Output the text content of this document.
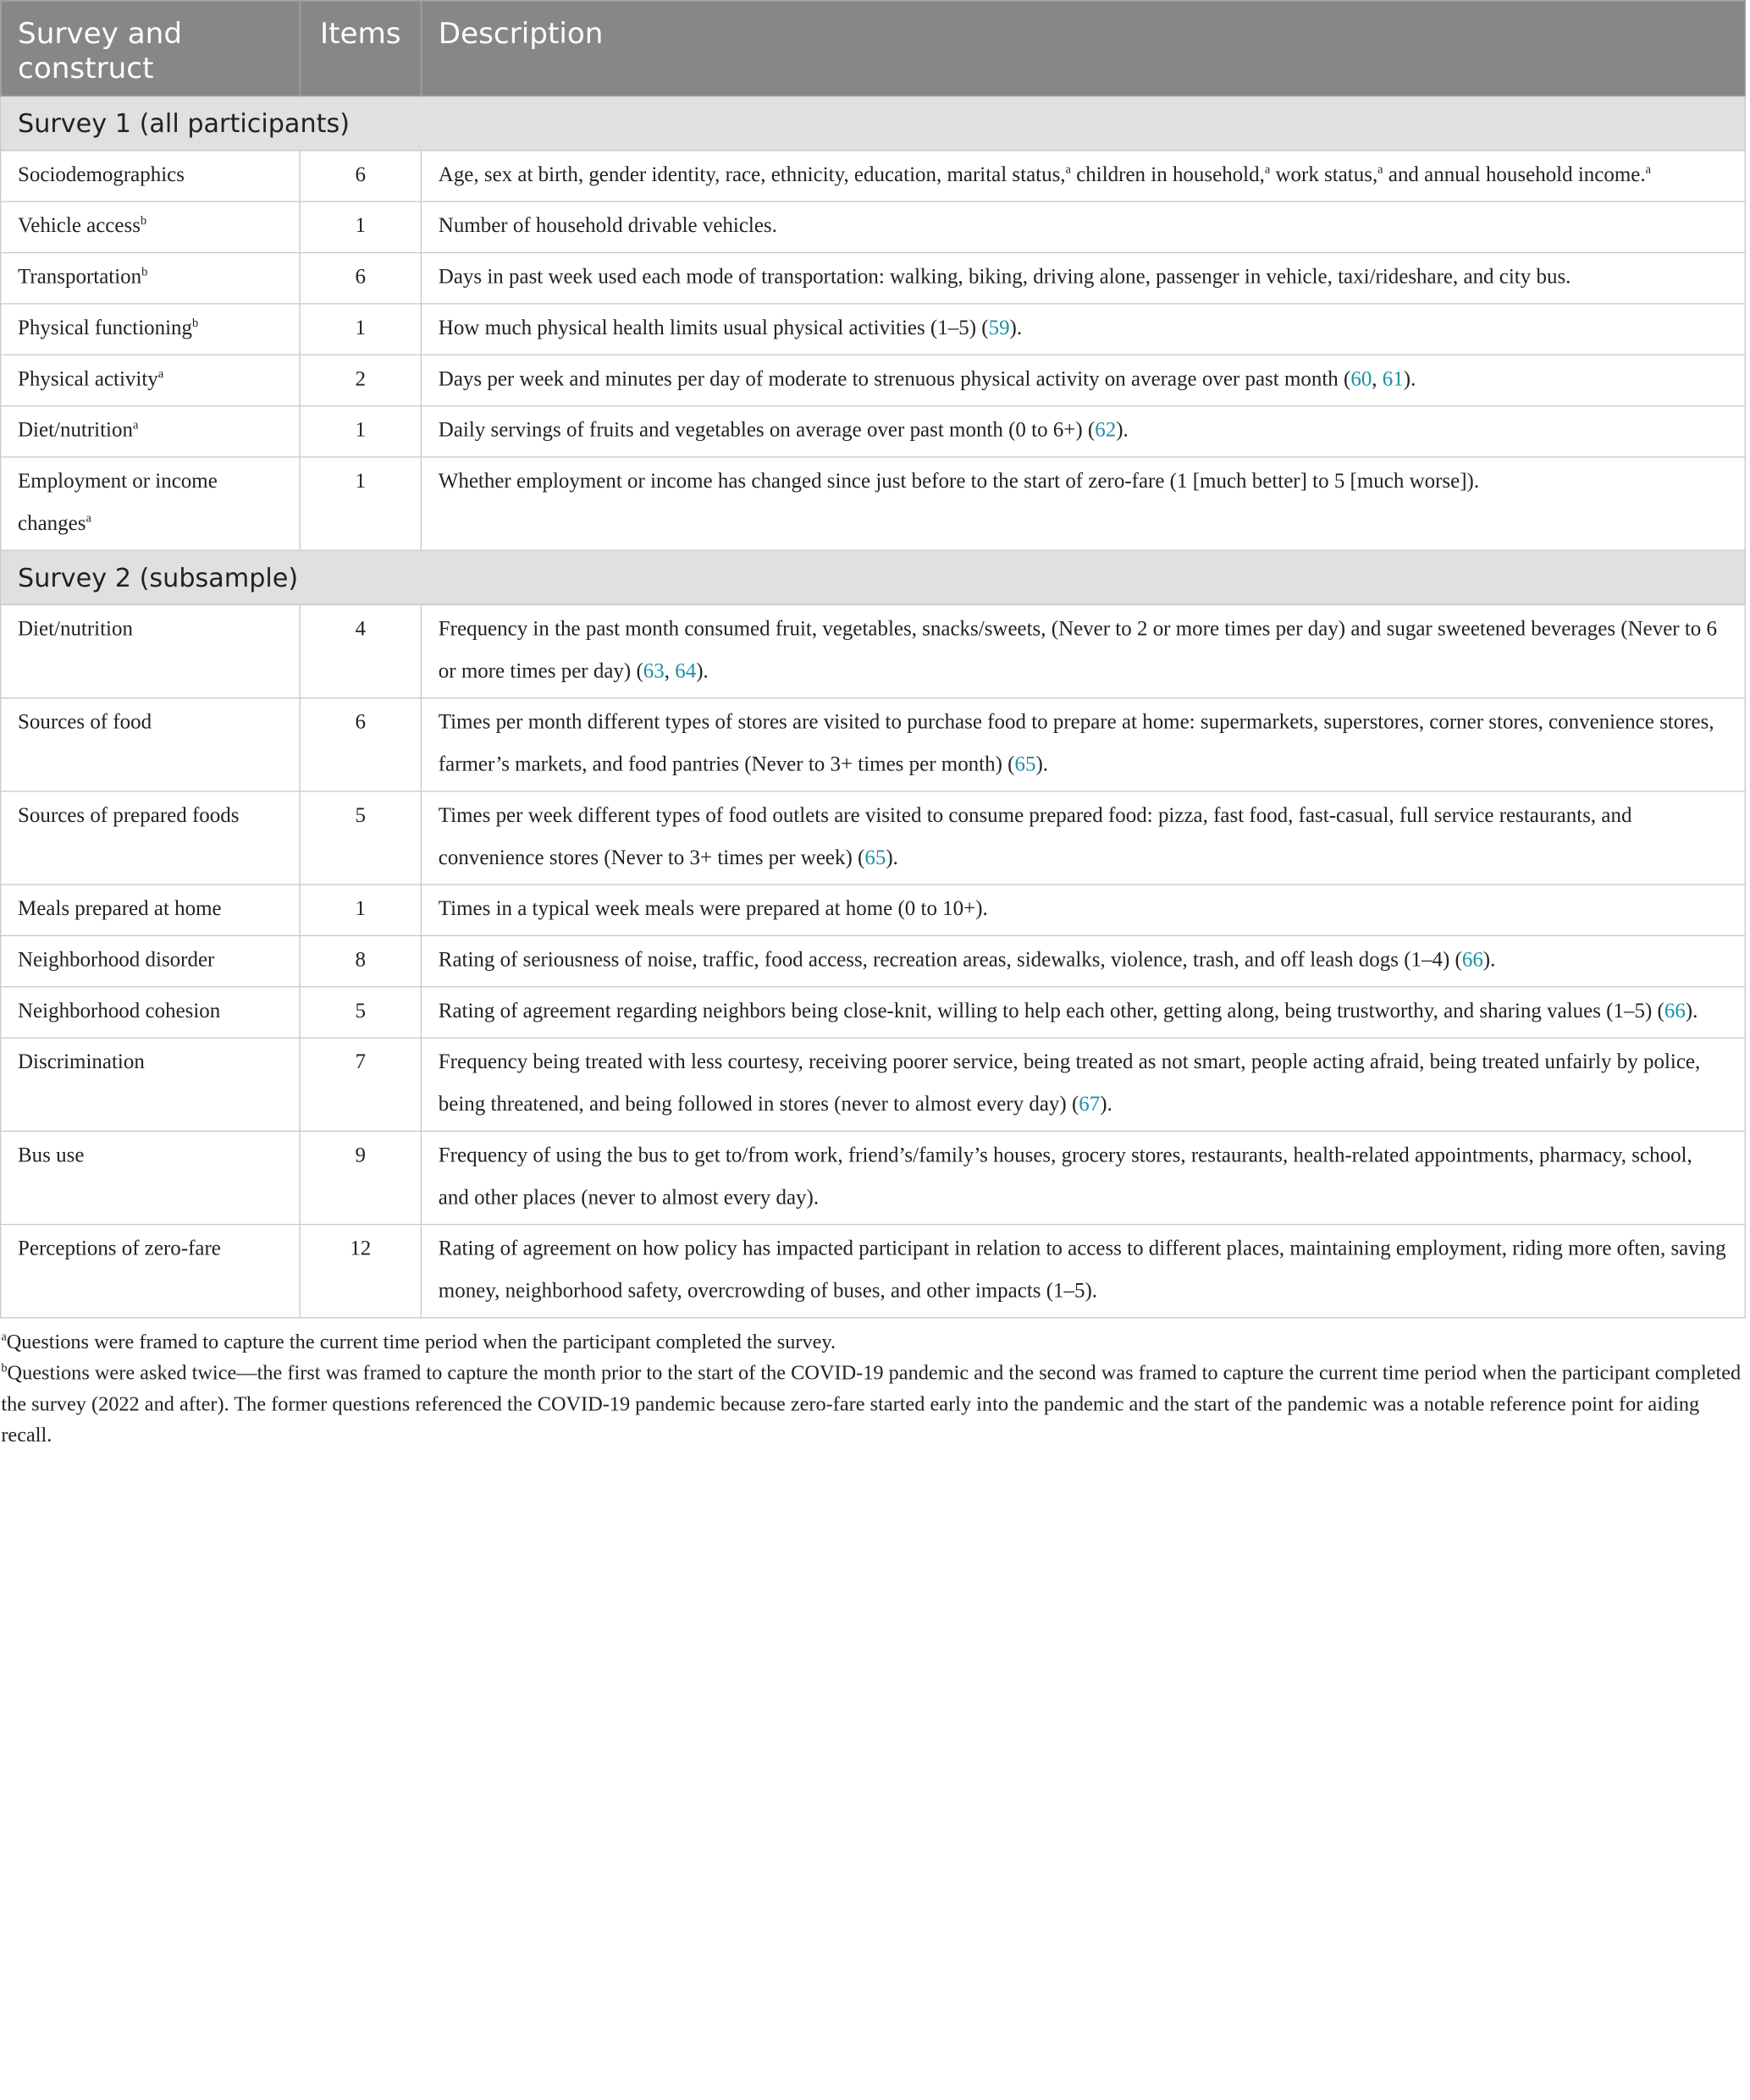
Survey and construct	Items	Description
Survey 1 (all participants)		
Sociodemographics	6	Age, sex at birth, gender identity, race, ethnicity, education, marital status,$^a$ children in household,$^a$ work status,$^a$ and annual household income.$^a$
Vehicle access$^b$	1	Number of household drivable vehicles.
Transportation$^b$	6	Days in past week used each mode of transportation: walking, biking, driving alone, passenger in vehicle, taxi/rideshare, and city bus.
Physical functioning$^b$	1	How much physical health limits usual physical activities (1–5) (59).
Physical activity$^a$	2	Days per week and minutes per day of moderate to strenuous physical activity on average over past month (60, 61).
Diet/nutrition$^a$	1	Daily servings of fruits and vegetables on average over past month (0 to 6+) (62).
Employment or income changes$^a$	1	Whether employment or income has changed since just before to the start of zero-fare (1 [much better] to 5 [much worse]).
Survey 2 (subsample)		
Diet/nutrition	4	Frequency in the past month consumed fruit, vegetables, snacks/sweets, (Never to 2 or more times per day) and sugar sweetened beverages (Never to 6 or more times per day) (63, 64).
Sources of food	6	Times per month different types of stores are visited to purchase food to prepare at home: supermarkets, superstores, corner stores, convenience stores, farmer’s markets, and food pantries (Never to 3+ times per month) (65).
Sources of prepared foods	5	Times per week different types of food outlets are visited to consume prepared food: pizza, fast food, fast-casual, full service restaurants, and convenience stores (Never to 3+ times per week) (65).
Meals prepared at home	1	Times in a typical week meals were prepared at home (0 to 10+).
Neighborhood disorder	8	Rating of seriousness of noise, traffic, food access, recreation areas, sidewalks, violence, trash, and off leash dogs (1–4) (66).
Neighborhood cohesion	5	Rating of agreement regarding neighbors being close-knit, willing to help each other, getting along, being trustworthy, and sharing values (1–5) (66).
Discrimination	7	Frequency being treated with less courtesy, receiving poorer service, being treated as not smart, people acting afraid, being treated unfairly by police, being threatened, and being followed in stores (never to almost every day) (67).
Bus use	9	Frequency of using the bus to get to/from work, friend’s/family’s houses, grocery stores, restaurants, health-related appointments, pharmacy, school, and other places (never to almost every day).
Perceptions of zero-fare	12	Rating of agreement on how policy has impacted participant in relation to access to different places, maintaining employment, riding more often, saving money, neighborhood safety, overcrowding of buses, and other impacts (1–5).

$^a$Questions were framed to capture the current time period when the participant completed the survey.

$^b$Questions were asked twice—the first was framed to capture the month prior to the start of the COVID-19 pandemic and the second was framed to capture the current time period when the participant completed the survey (2022 and after). The former questions referenced the COVID-19 pandemic because zero-fare started early into the pandemic and the start of the pandemic was a notable reference point for aiding recall.
